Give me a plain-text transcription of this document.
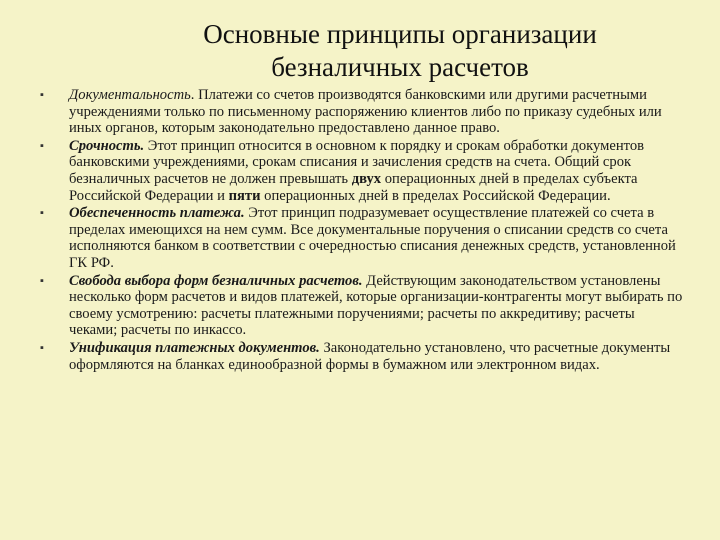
Основные принципы организации
безналичных расчетов
▪	Документальность. Платежи со счетов производятся банковскими или другими расчетными учреждениями только по письменному распоряжению клиентов либо по приказу судебных или иных органов, которым законодательно предоставлено данное право.
▪	Срочность. Этот принцип относится в основном к порядку и срокам обработки документов банковскими учреждениями, срокам списания и зачисления средств на счета. Общий срок безналичных расчетов не должен превышать двух операционных дней в пределах субъекта Российской Федерации и пяти операционных дней в пределах Российской Федерации.
▪	Обеспеченность платежа. Этот принцип подразумевает осуществление платежей со счета в пределах имеющихся на нем сумм. Все документальные поручения о списании средств со счета исполняются банком в соответствии с очередностью списания денежных средств, установленной ГК РФ.
▪	Свобода выбора форм безналичных расчетов. Действующим законодательством установлены несколько форм расчетов и видов платежей, которые организации-контрагенты могут выбирать по своему усмотрению: расчеты платежными поручениями; расчеты по аккредитиву; расчеты чеками; расчеты по инкассо.
▪	Унификация платежных документов. Законодательно установлено, что расчетные документы оформляются на бланках единообразной формы в бумажном или электронном видах.
